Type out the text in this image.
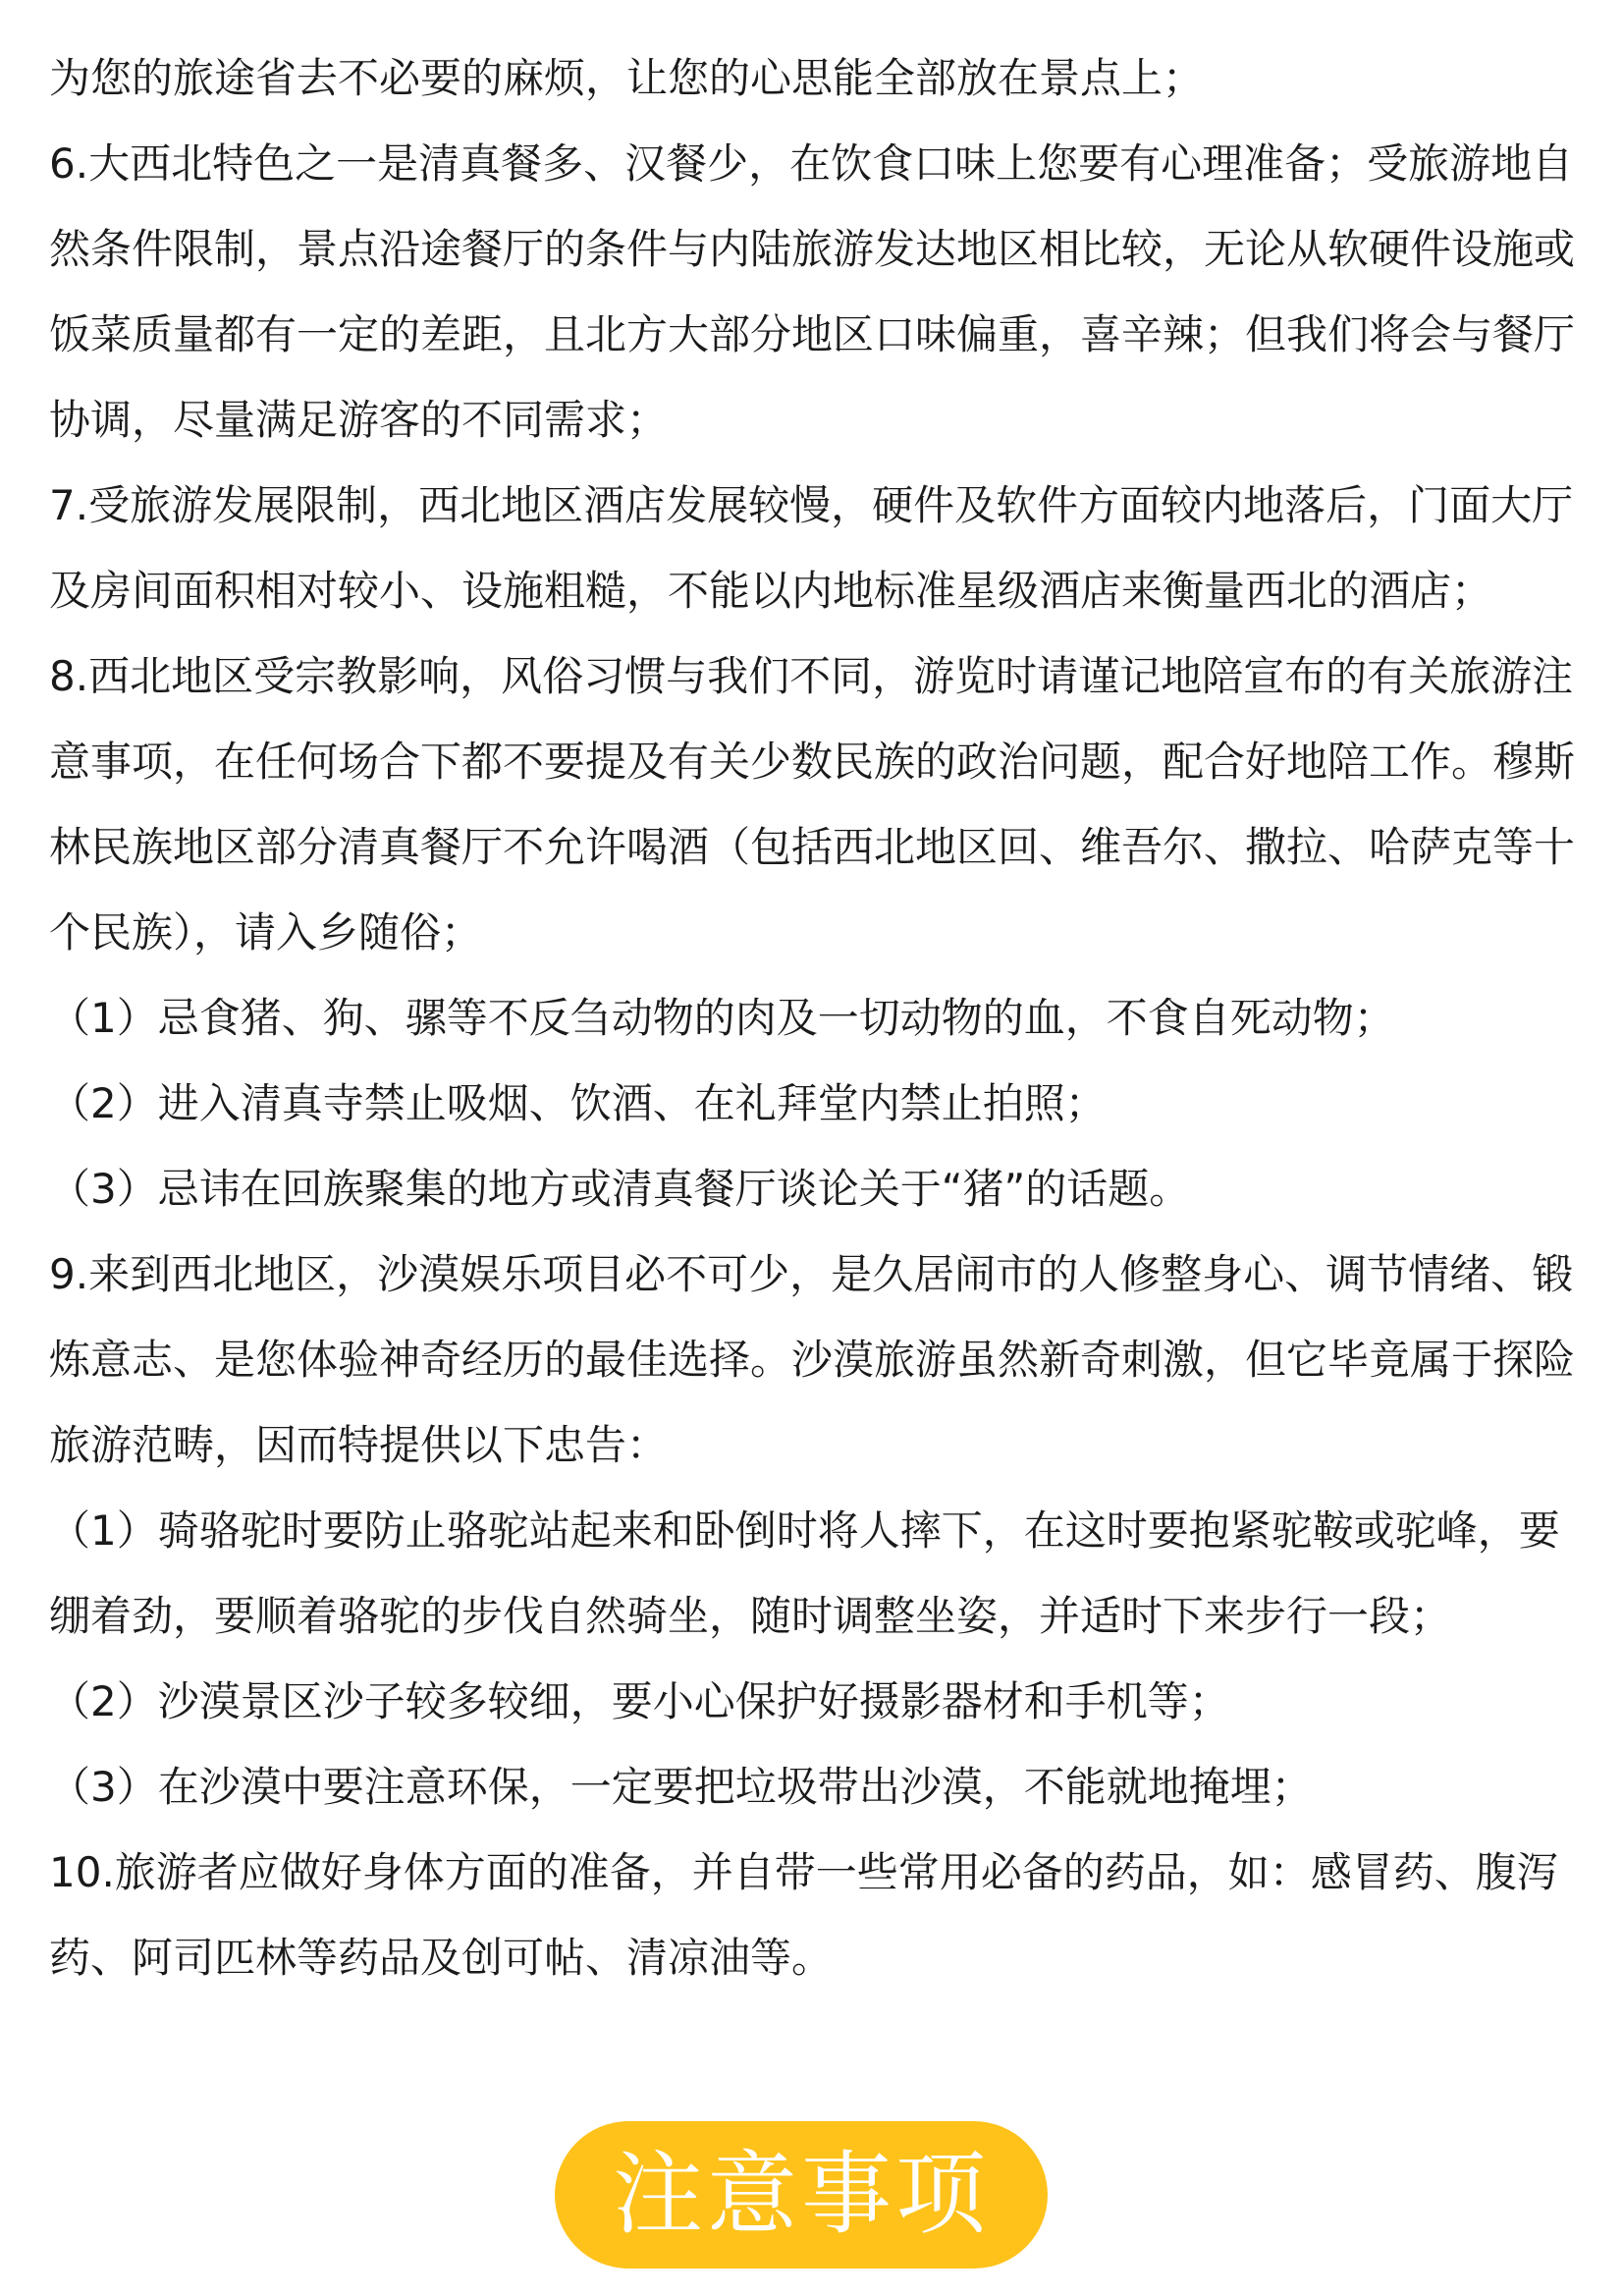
为您的旅途省去不必要的麻烦，让您的心思能全部放在景点上；

6.大西北特色之一是清真餐多、汉餐少，在饮食口味上您要有心理准备；受旅游地自然条件限制，景点沿途餐厅的条件与内陆旅游发达地区相比较，无论从软硬件设施或饭菜质量都有一定的差距，且北方大部分地区口味偏重，喜辛辣；但我们将会与餐厅协调，尽量满足游客的不同需求；

7.受旅游发展限制，西北地区酒店发展较慢，硬件及软件方面较内地落后，门面大厅及房间面积相对较小、设施粗糙，不能以内地标准星级酒店来衡量西北的酒店；

8.西北地区受宗教影响，风俗习惯与我们不同，游览时请谨记地陪宣布的有关旅游注意事项，在任何场合下都不要提及有关少数民族的政治问题，配合好地陪工作。穆斯林民族地区部分清真餐厅不允许喝酒（包括西北地区回、维吾尔、撒拉、哈萨克等十个民族），请入乡随俗；

（1）忌食猪、狗、骡等不反刍动物的肉及一切动物的血，不食自死动物；

（2）进入清真寺禁止吸烟、饮酒、在礼拜堂内禁止拍照；

（3）忌讳在回族聚集的地方或清真餐厅谈论关于“猪”的话题。

9.来到西北地区，沙漠娱乐项目必不可少，是久居闹市的人修整身心、调节情绪、锻炼意志、是您体验神奇经历的最佳选择。沙漠旅游虽然新奇刺激，但它毕竟属于探险旅游范畴，因而特提供以下忠告：

（1）骑骆驼时要防止骆驼站起来和卧倒时将人摔下，在这时要抱紧驼鞍或驼峰，要绷着劲，要顺着骆驼的步伐自然骑坐，随时调整坐姿，并适时下来步行一段；

（2）沙漠景区沙子较多较细，要小心保护好摄影器材和手机等；

（3）在沙漠中要注意环保，一定要把垃圾带出沙漠，不能就地掩埋；

10.旅游者应做好身体方面的准备，并自带一些常用必备的药品，如：感冒药、腹泻药、阿司匹林等药品及创可帖、清凉油等。

注意事项
